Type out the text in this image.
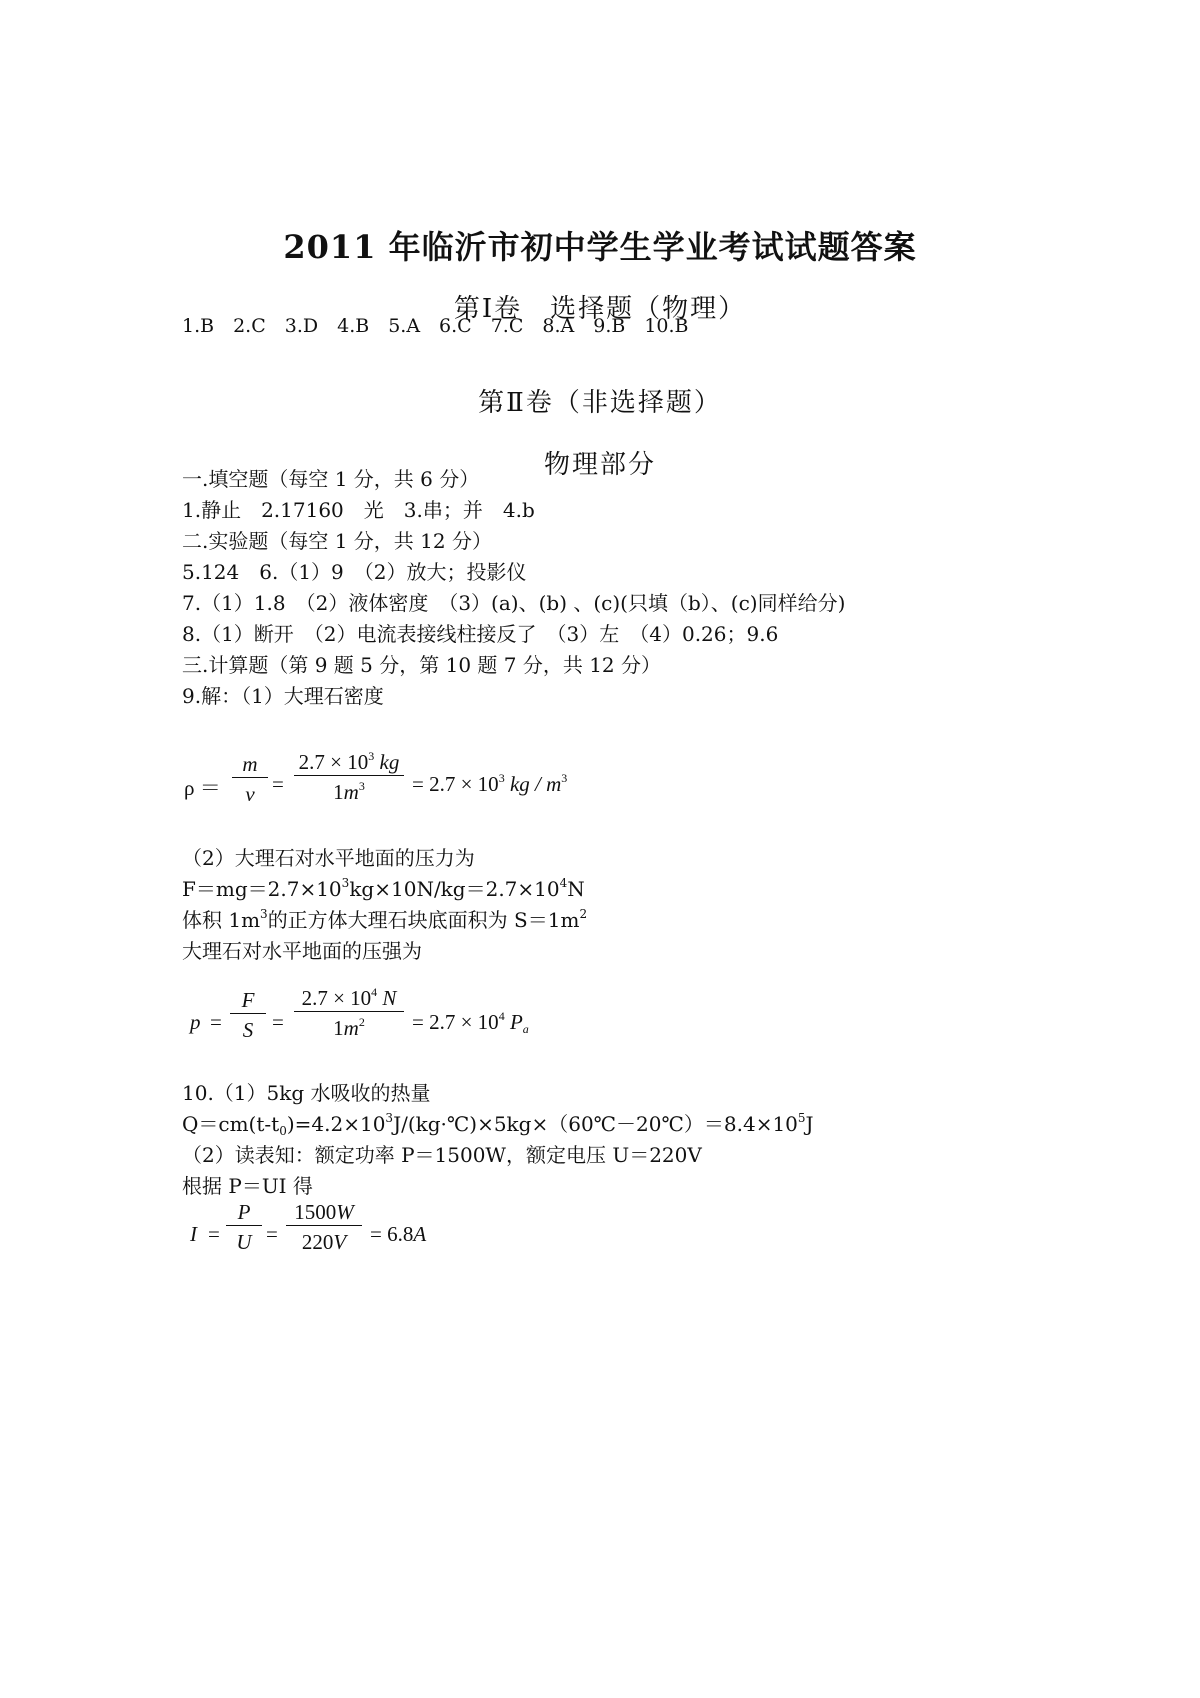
2011 年临沂市初中学生学业考试试题答案
第Ⅰ卷　选择题（物理）
1.B　2.C　3.D　4.B　5.A　6.C　7.C　8.A　9.B　10.B
第Ⅱ卷（非选择题）
物理部分
一.填空题（每空 1 分，共 6 分）
1.静止　2.17160　光　3.串；并　4.b
二.实验题（每空 1 分，共 12 分）
5.124　6.（1）9　（2）放大；投影仪
7.（1）1.8　（2）液体密度　（3）(a)、(b) 、(c)(只填（b）、(c)同样给分)
8.（1）断开　（2）电流表接线柱接反了　（3）左　（4）0.26；9.6
三.计算题（第 9 题 5 分，第 10 题 7 分，共 12 分）
9.解：（1）大理石密度
ρ ＝
m
v =
$2.7 \times 10^3$ kg
$1m^3$	= $2.7 \times 10^3$ kg / $m^3$
（2）大理石对水平地面的压力为
$F=mg=2.7\times 10^3kg\times 10N/kg=2.7\times 10^4N$
体积 $1m^3$的正方体大理石块底面积为 $S=1m^2$
大理石对水平地面的压强为
p =
F
S =
$2.7 \times 10^4$ N
$1m^2$	= $2.7 \times 10^4$ $P_a$
10.（1）5kg 水吸收的热量
$Q=cm(t-t_0)=4.2\times 10^3J/(kg\cdot℃)\times 5kg\times(60℃-20℃)=8.4\times 10^5J$
（2）读表知：额定功率 P＝1500W，额定电压 U＝220V
根据 P＝UI 得
I =
P
U =
1500W
220V	= 6.8A
